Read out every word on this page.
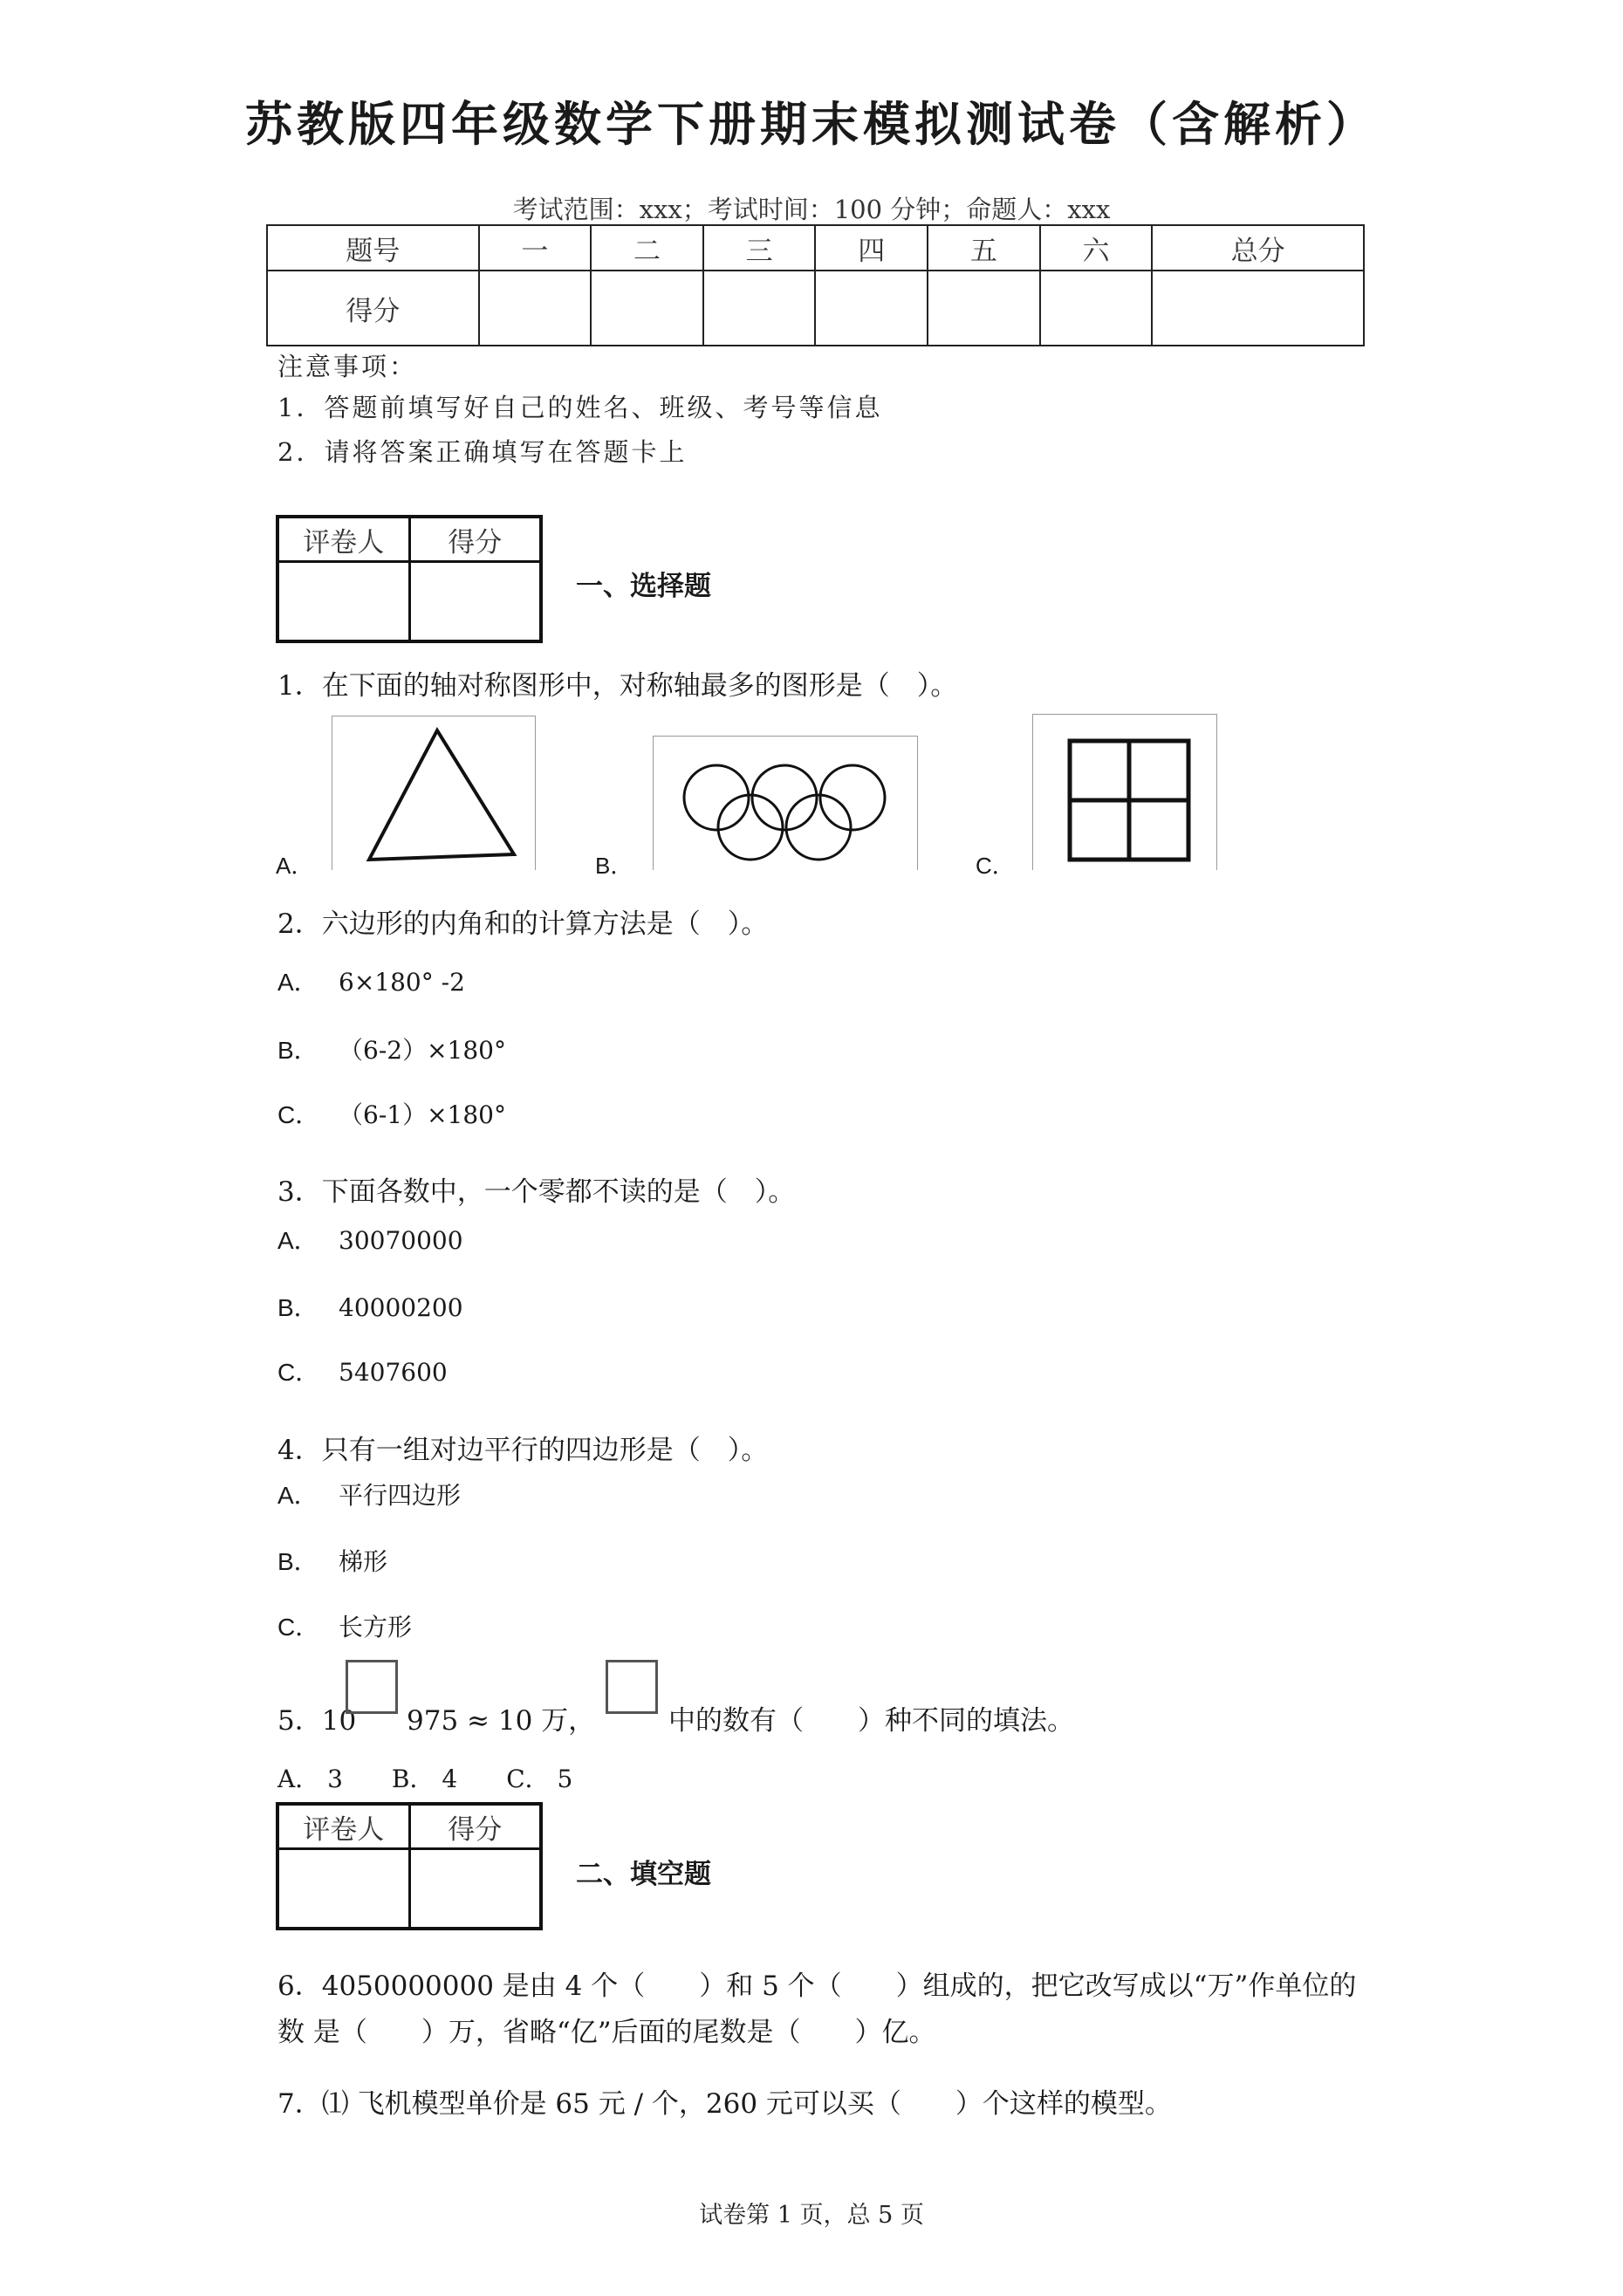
苏教版四年级数学下册期末模拟测试卷（含解析）
考试范围：xxx；考试时间：100 分钟；命题人：xxx
题号	一	二	三	四	五	六	总分
得分							
注意事项：
1．答题前填写好自己的姓名、班级、考号等信息
2．请将答案正确填写在答题卡上
评卷人	得分
一、选择题
1．在下面的轴对称图形中，对称轴最多的图形是（　）。
A．	B．	C．
2．六边形的内角和的计算方法是（　）。
A． 6×180° -2
B． （6-2）×180°
C． （6-1）×180°
3．下面各数中，一个零都不读的是（　）。
A． 30070000
B． 40000200
C． 5407600
4．只有一组对边平行的四边形是（　）。
A． 平行四边形
B． 梯形
C． 长方形
5．10 975 ≈ 10 万，	中的数有（　　）种不同的填法。
A． 3　　B． 4　　C． 5
评卷人	得分
二、填空题
6．4050000000 是由 4 个（　　）和 5 个（　　）组成的，把它改写成以“万”作单位的
数 是（　　）万，省略“亿”后面的尾数是（　　）亿。
7．⑴ 飞机模型单价是 65 元 / 个，260 元可以买（　　）个这样的模型。
试卷第 1 页，总 5 页
